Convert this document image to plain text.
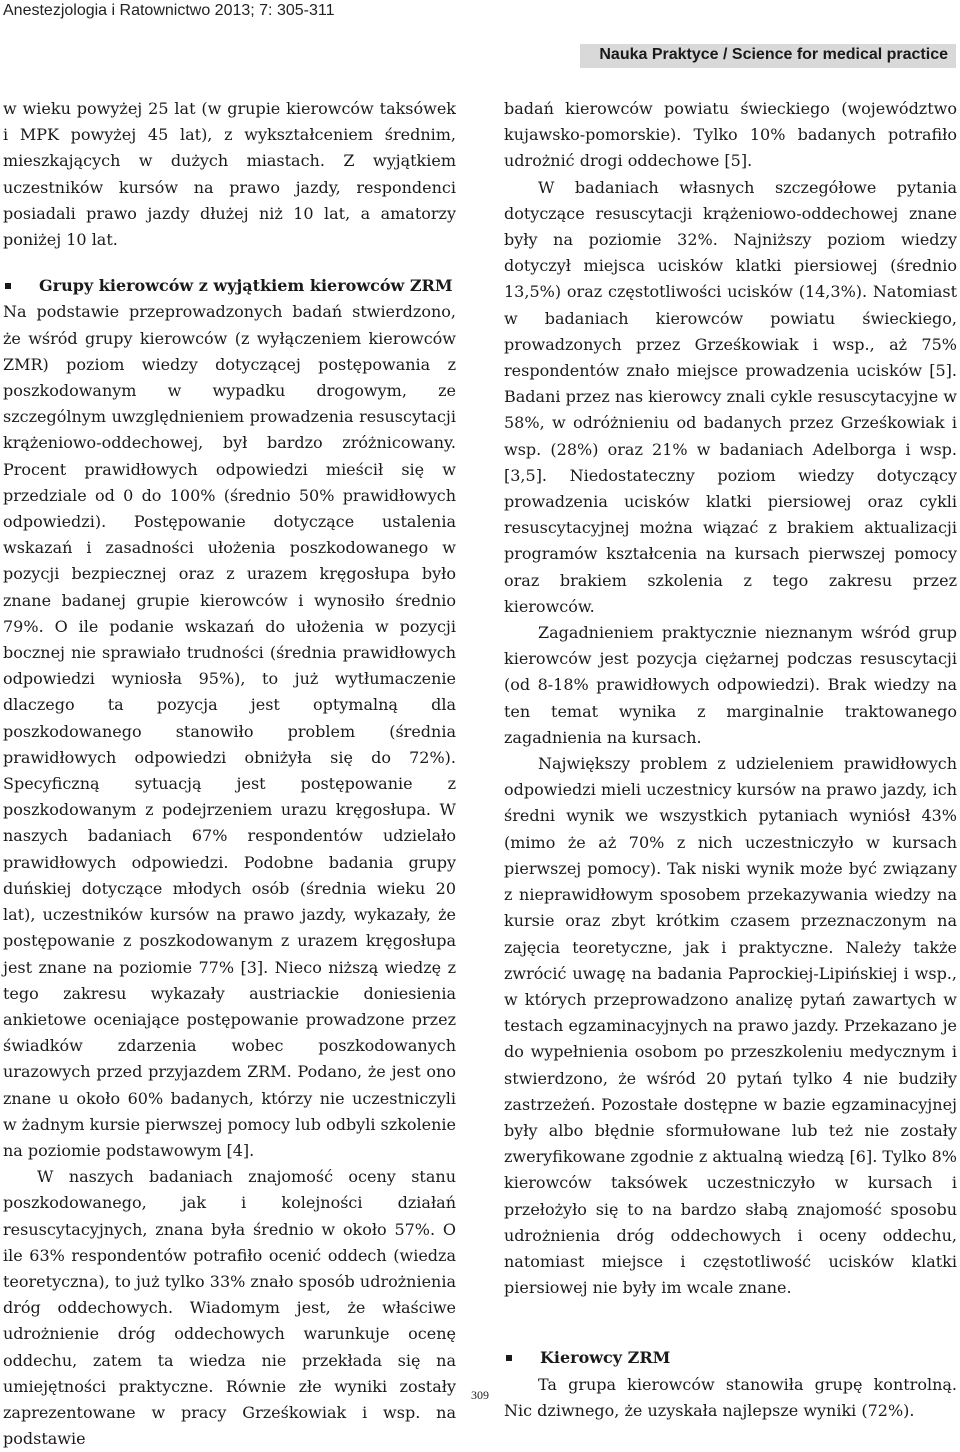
Anestezjologia i Ratownictwo 2013; 7: 305-311
Nauka Praktyce / Science for medical practice

w wieku powyżej 25 lat (w grupie kierowców taksówek i MPK powyżej 45 lat), z wykształceniem średnim, mieszkających w dużych miastach. Z wyjątkiem uczestników kursów na prawo jazdy, respondenci posiadali prawo jazdy dłużej niż 10 lat, a amatorzy poniżej 10 lat.

Grupy kierowców z wyjątkiem kierowców ZRM

Na podstawie przeprowadzonych badań stwierdzono, że wśród grupy kierowców (z wyłączeniem kierowców ZMR) poziom wiedzy dotyczącej postępowania z poszkodowanym w wypadku drogowym, ze szczególnym uwzględnieniem prowadzenia resuscytacji krążeniowo-oddechowej, był bardzo zróżnicowany. Procent prawidłowych odpowiedzi mieścił się w przedziale od 0 do 100% (średnio 50% prawidłowych odpowiedzi). Postępowanie dotyczące ustalenia wskazań i zasadności ułożenia poszkodowanego w pozycji bezpiecznej oraz z urazem kręgosłupa było znane badanej grupie kierowców i wynosiło średnio 79%. O ile podanie wskazań do ułożenia w pozycji bocznej nie sprawiało trudności (średnia prawidłowych odpowiedzi wyniosła 95%), to już wytłumaczenie dlaczego ta pozycja jest optymalną dla poszkodowanego stanowiło problem (średnia prawidłowych odpowiedzi obniżyła się do 72%). Specyficzną sytuacją jest postępowanie z poszkodowanym z podejrzeniem urazu kręgosłupa. W naszych badaniach 67% respondentów udzielało prawidłowych odpowiedzi. Podobne badania grupy duńskiej dotyczące młodych osób (średnia wieku 20 lat), uczestników kursów na prawo jazdy, wykazały, że postępowanie z poszkodowanym z urazem kręgosłupa jest znane na poziomie 77% [3]. Nieco niższą wiedzę z tego zakresu wykazały austriackie doniesienia ankietowe oceniające postępowanie prowadzone przez świadków zdarzenia wobec poszkodowanych urazowych przed przyjazdem ZRM. Podano, że jest ono znane u około 60% badanych, którzy nie uczestniczyli w żadnym kursie pierwszej pomocy lub odbyli szkolenie na poziomie podstawowym [4].

W naszych badaniach znajomość oceny stanu poszkodowanego, jak i kolejności działań resuscytacyjnych, znana była średnio w około 57%. O ile 63% respondentów potrafiło ocenić oddech (wiedza teoretyczna), to już tylko 33% znało sposób udrożnienia dróg oddechowych. Wiadomym jest, że właściwe udrożnienie dróg oddechowych warunkuje ocenę oddechu, zatem ta wiedza nie przekłada się na umiejętności praktyczne. Równie złe wyniki zostały zaprezentowane w pracy Grześkowiak i wsp. na podstawie

badań kierowców powiatu świeckiego (województwo kujawsko-pomorskie). Tylko 10% badanych potrafiło udrożnić drogi oddechowe [5].

W badaniach własnych szczegółowe pytania dotyczące resuscytacji krążeniowo-oddechowej znane były na poziomie 32%. Najniższy poziom wiedzy dotyczył miejsca ucisków klatki piersiowej (średnio 13,5%) oraz częstotliwości ucisków (14,3%). Natomiast w badaniach kierowców powiatu świeckiego, prowadzonych przez Grześkowiak i wsp., aż 75% respondentów znało miejsce prowadzenia ucisków [5]. Badani przez nas kierowcy znali cykle resuscytacyjne w 58%, w odróżnieniu od badanych przez Grześkowiak i wsp. (28%) oraz 21% w badaniach Adelborga i wsp. [3,5]. Niedostateczny poziom wiedzy dotyczący prowadzenia ucisków klatki piersiowej oraz cykli resuscytacyjnej można wiązać z brakiem aktualizacji programów kształcenia na kursach pierwszej pomocy oraz brakiem szkolenia z tego zakresu przez kierowców.

Zagadnieniem praktycznie nieznanym wśród grup kierowców jest pozycja ciężarnej podczas resuscytacji (od 8-18% prawidłowych odpowiedzi). Brak wiedzy na ten temat wynika z marginalnie traktowanego zagadnienia na kursach.

Największy problem z udzieleniem prawidłowych odpowiedzi mieli uczestnicy kursów na prawo jazdy, ich średni wynik we wszystkich pytaniach wyniósł 43% (mimo że aż 70% z nich uczestniczyło w kursach pierwszej pomocy). Tak niski wynik może być związany z nieprawidłowym sposobem przekazywania wiedzy na kursie oraz zbyt krótkim czasem przeznaczonym na zajęcia teoretyczne, jak i praktyczne. Należy także zwrócić uwagę na badania Paprockiej-Lipińskiej i wsp., w których przeprowadzono analizę pytań zawartych w testach egzaminacyjnych na prawo jazdy. Przekazano je do wypełnienia osobom po przeszkoleniu medycznym i stwierdzono, że wśród 20 pytań tylko 4 nie budziły zastrzeżeń. Pozostałe dostępne w bazie egzaminacyjnej były albo błędnie sformułowane lub też nie zostały zweryfikowane zgodnie z aktualną wiedzą [6]. Tylko 8% kierowców taksówek uczestniczyło w kursach i przełożyło się to na bardzo słabą znajomość sposobu udrożnienia dróg oddechowych i oceny oddechu, natomiast miejsce i częstotliwość ucisków klatki piersiowej nie były im wcale znane.

Kierowcy ZRM

Ta grupa kierowców stanowiła grupę kontrolną. Nic dziwnego, że uzyskała najlepsze wyniki (72%).

309
